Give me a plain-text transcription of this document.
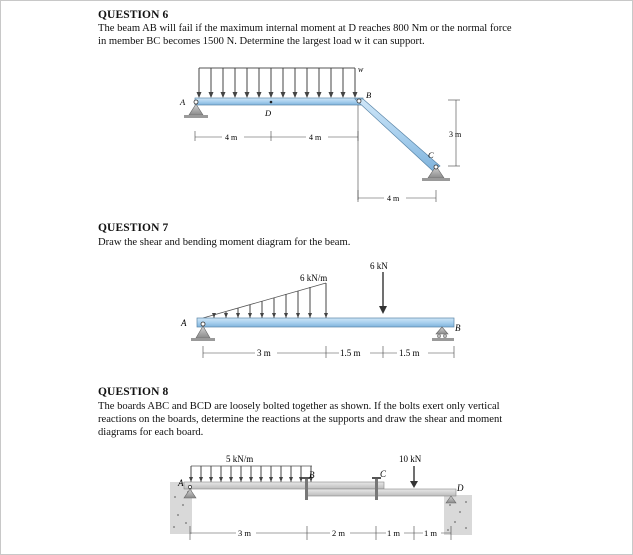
QUESTION 6

The beam AB will fail if the maximum internal moment at D reaches 800 Nm or the normal force

in member BC becomes 1500 N. Determine the largest load w it can support.

w
A
B
D
C
4 m	4 m	3 m
4 m
QUESTION 7

Draw the shear and bending moment diagram for the beam.

6 kN/m
6 kN
A	B
3 m	1.5 m	1.5 m
QUESTION 8

The boards ABC and BCD are loosely bolted together as shown. If the bolts exert only vertical

reactions on the boards, determine the reactions at the supports and draw the shear and moment

diagrams for each board.

5 kN/m	10 kN
A
B	C
D
3 m	2 m	1 m	1 m
